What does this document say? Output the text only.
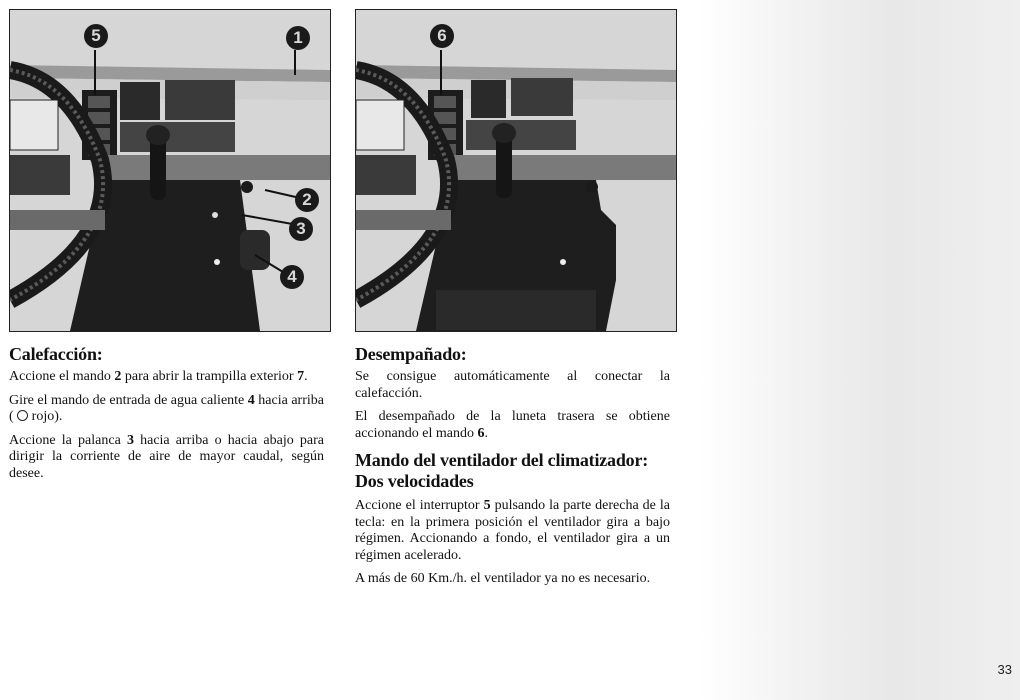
5	1
2
3
4
6
Calefacción:

Accione el mando 2 para abrir la trampilla exterior 7.

Gire el mando de entrada de agua caliente 4 hacia arriba (  rojo).

Accione la palanca 3 hacia arriba o hacia abajo para dirigir la corriente de aire de mayor caudal, según desee.

Desempañado:

Se consigue automáticamente al conectar la calefacción.

El desempañado de la luneta trasera se obtiene accionando el mando 6.

Mando del ventilador del climatizador: Dos velocidades

Accione el interruptor 5 pulsando la parte derecha de la tecla: en la primera posición el ventilador gira a bajo régimen. Accionando a fondo, el ventilador gira a un régimen acelerado.

A más de 60 Km./h. el ventilador ya no es necesario.

33
